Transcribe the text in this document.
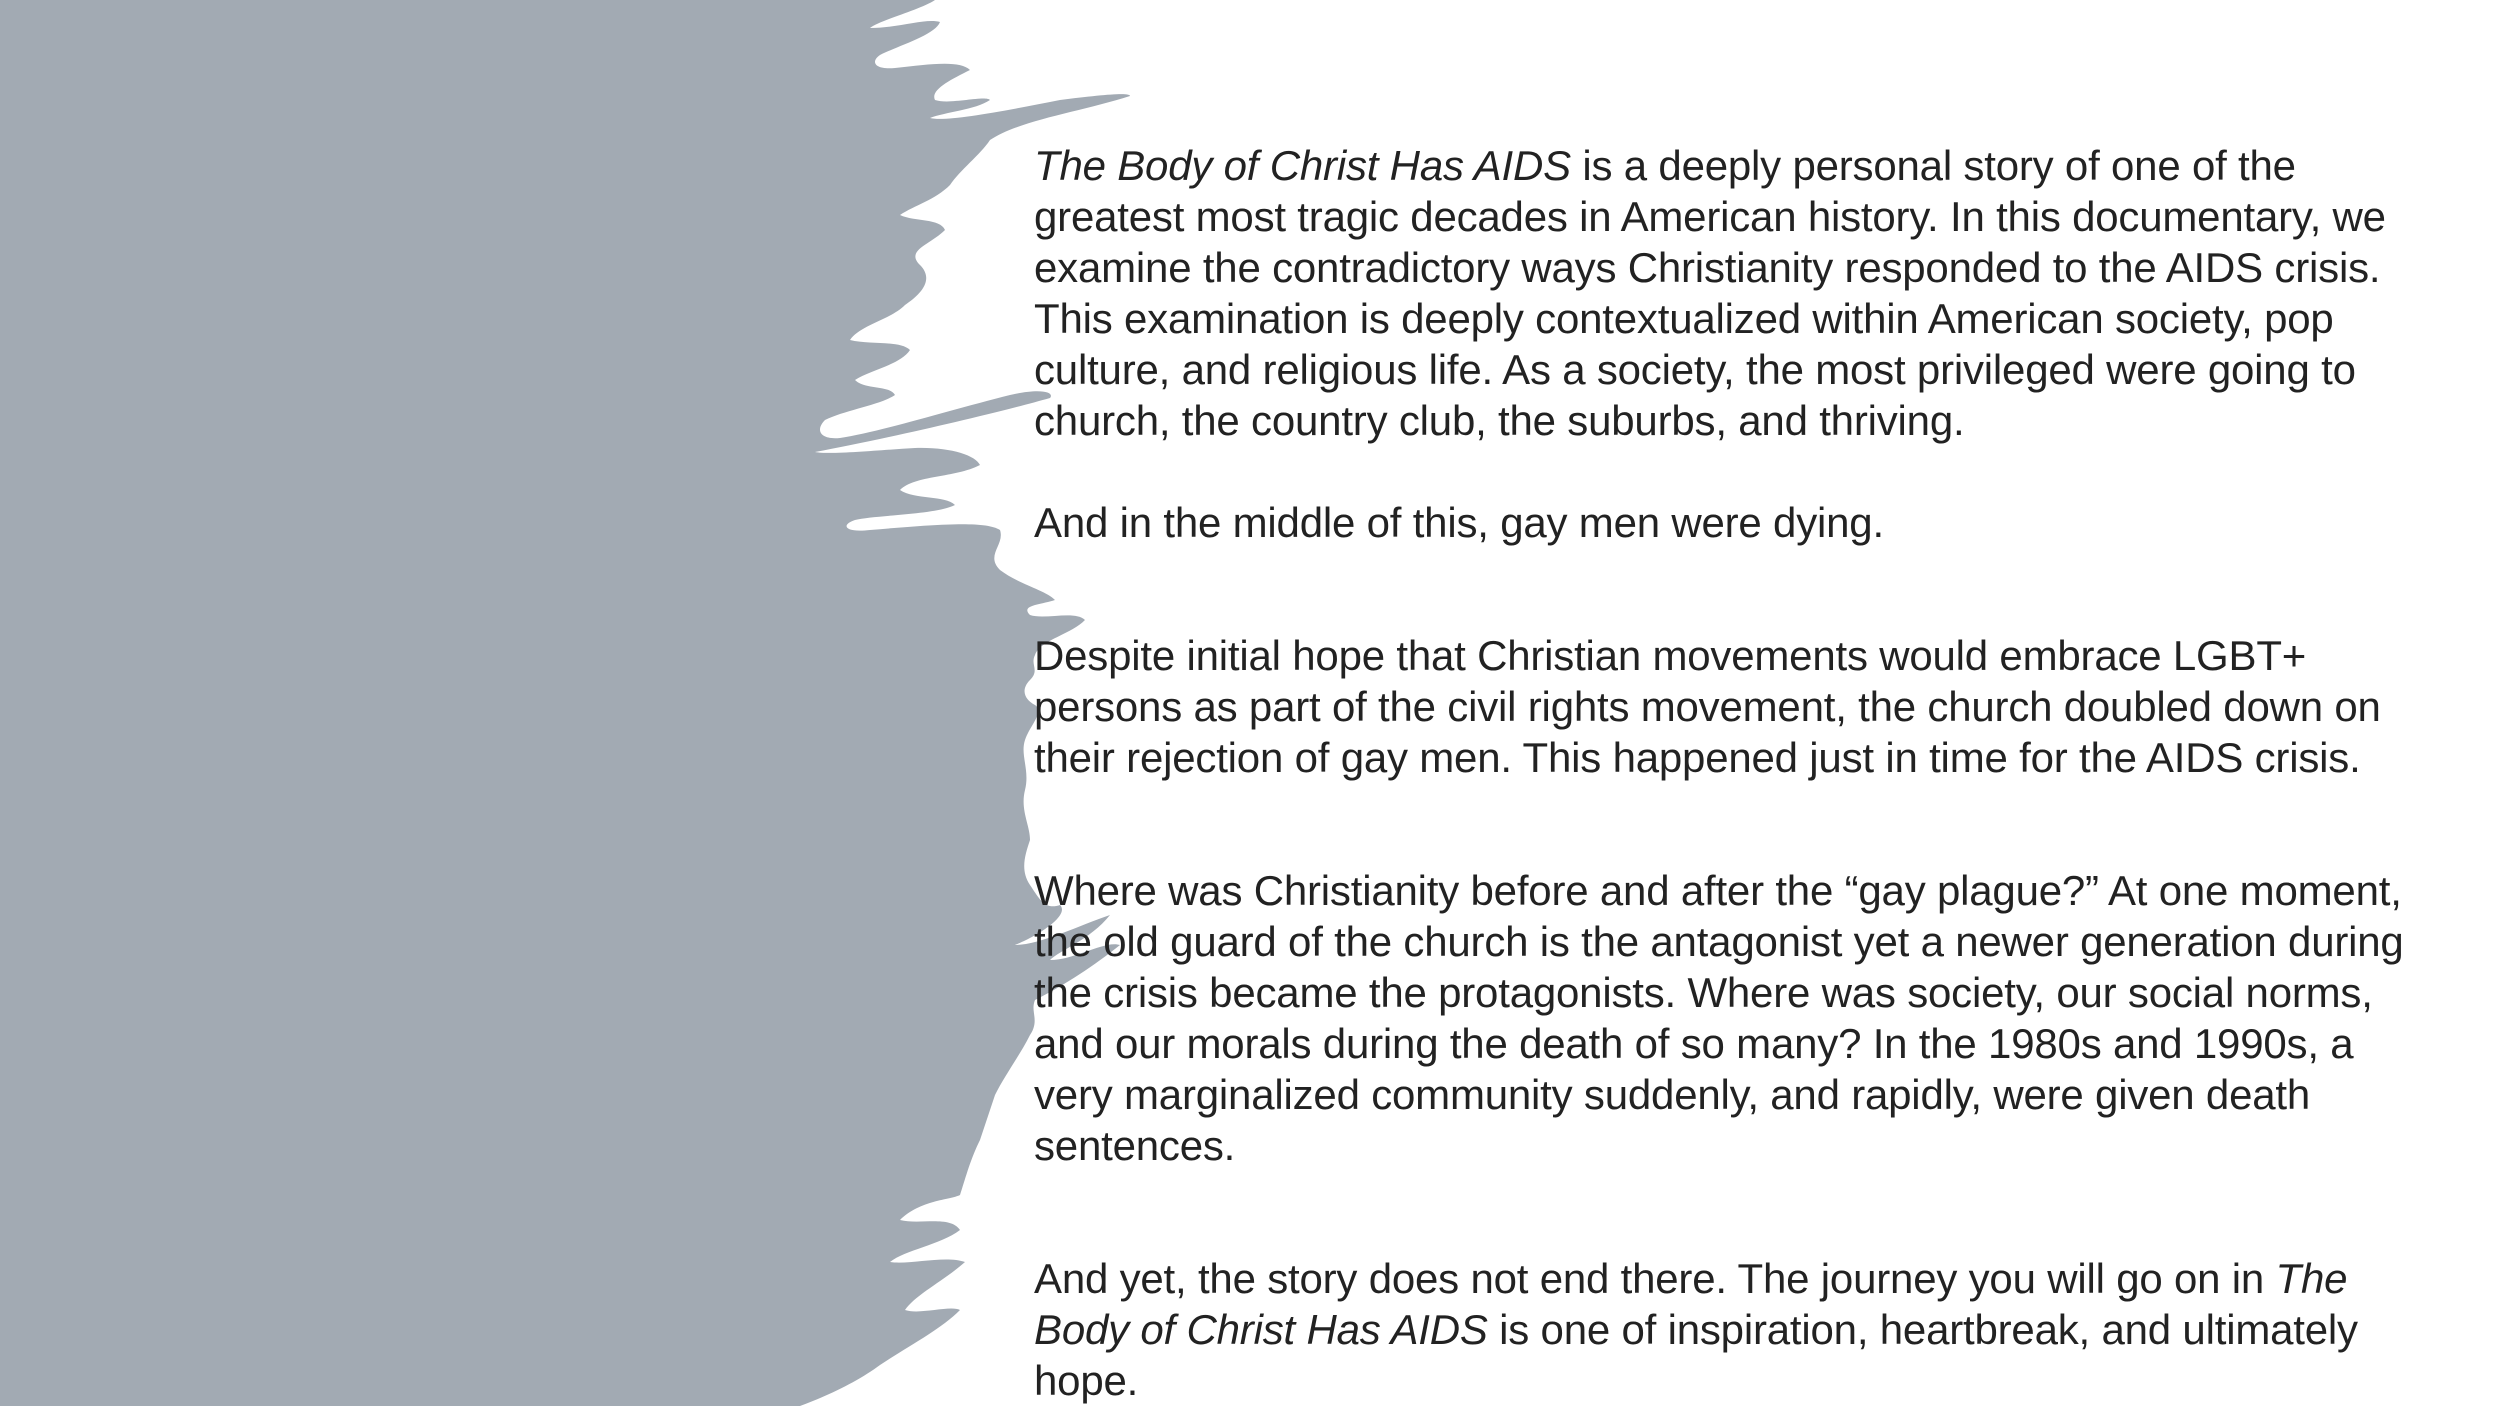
The Body of Christ Has AIDS is a deeply personal story of one of the greatest most tragic decades in American history. In this documentary, we examine the contradictory ways Christianity responded to the AIDS crisis. This examination is deeply contextualized within American society, pop culture, and religious life. As a society, the most privileged were going to church, the country club, the suburbs, and thriving.

And in the middle of this, gay men were dying.

Despite initial hope that Christian movements would embrace LGBT+ persons as part of the civil rights movement, the church doubled down on their rejection of gay men. This happened just in time for the AIDS crisis.

Where was Christianity before and after the “gay plague?” At one moment, the old guard of the church is the antagonist yet a newer generation during the crisis became the protagonists. Where was society, our social norms, and our morals during the death of so many? In the 1980s and 1990s, a very marginalized community suddenly, and rapidly, were given death sentences.

And yet, the story does not end there. The journey you will go on in The Body of Christ Has AIDS is one of inspiration, heartbreak, and ultimately hope.
